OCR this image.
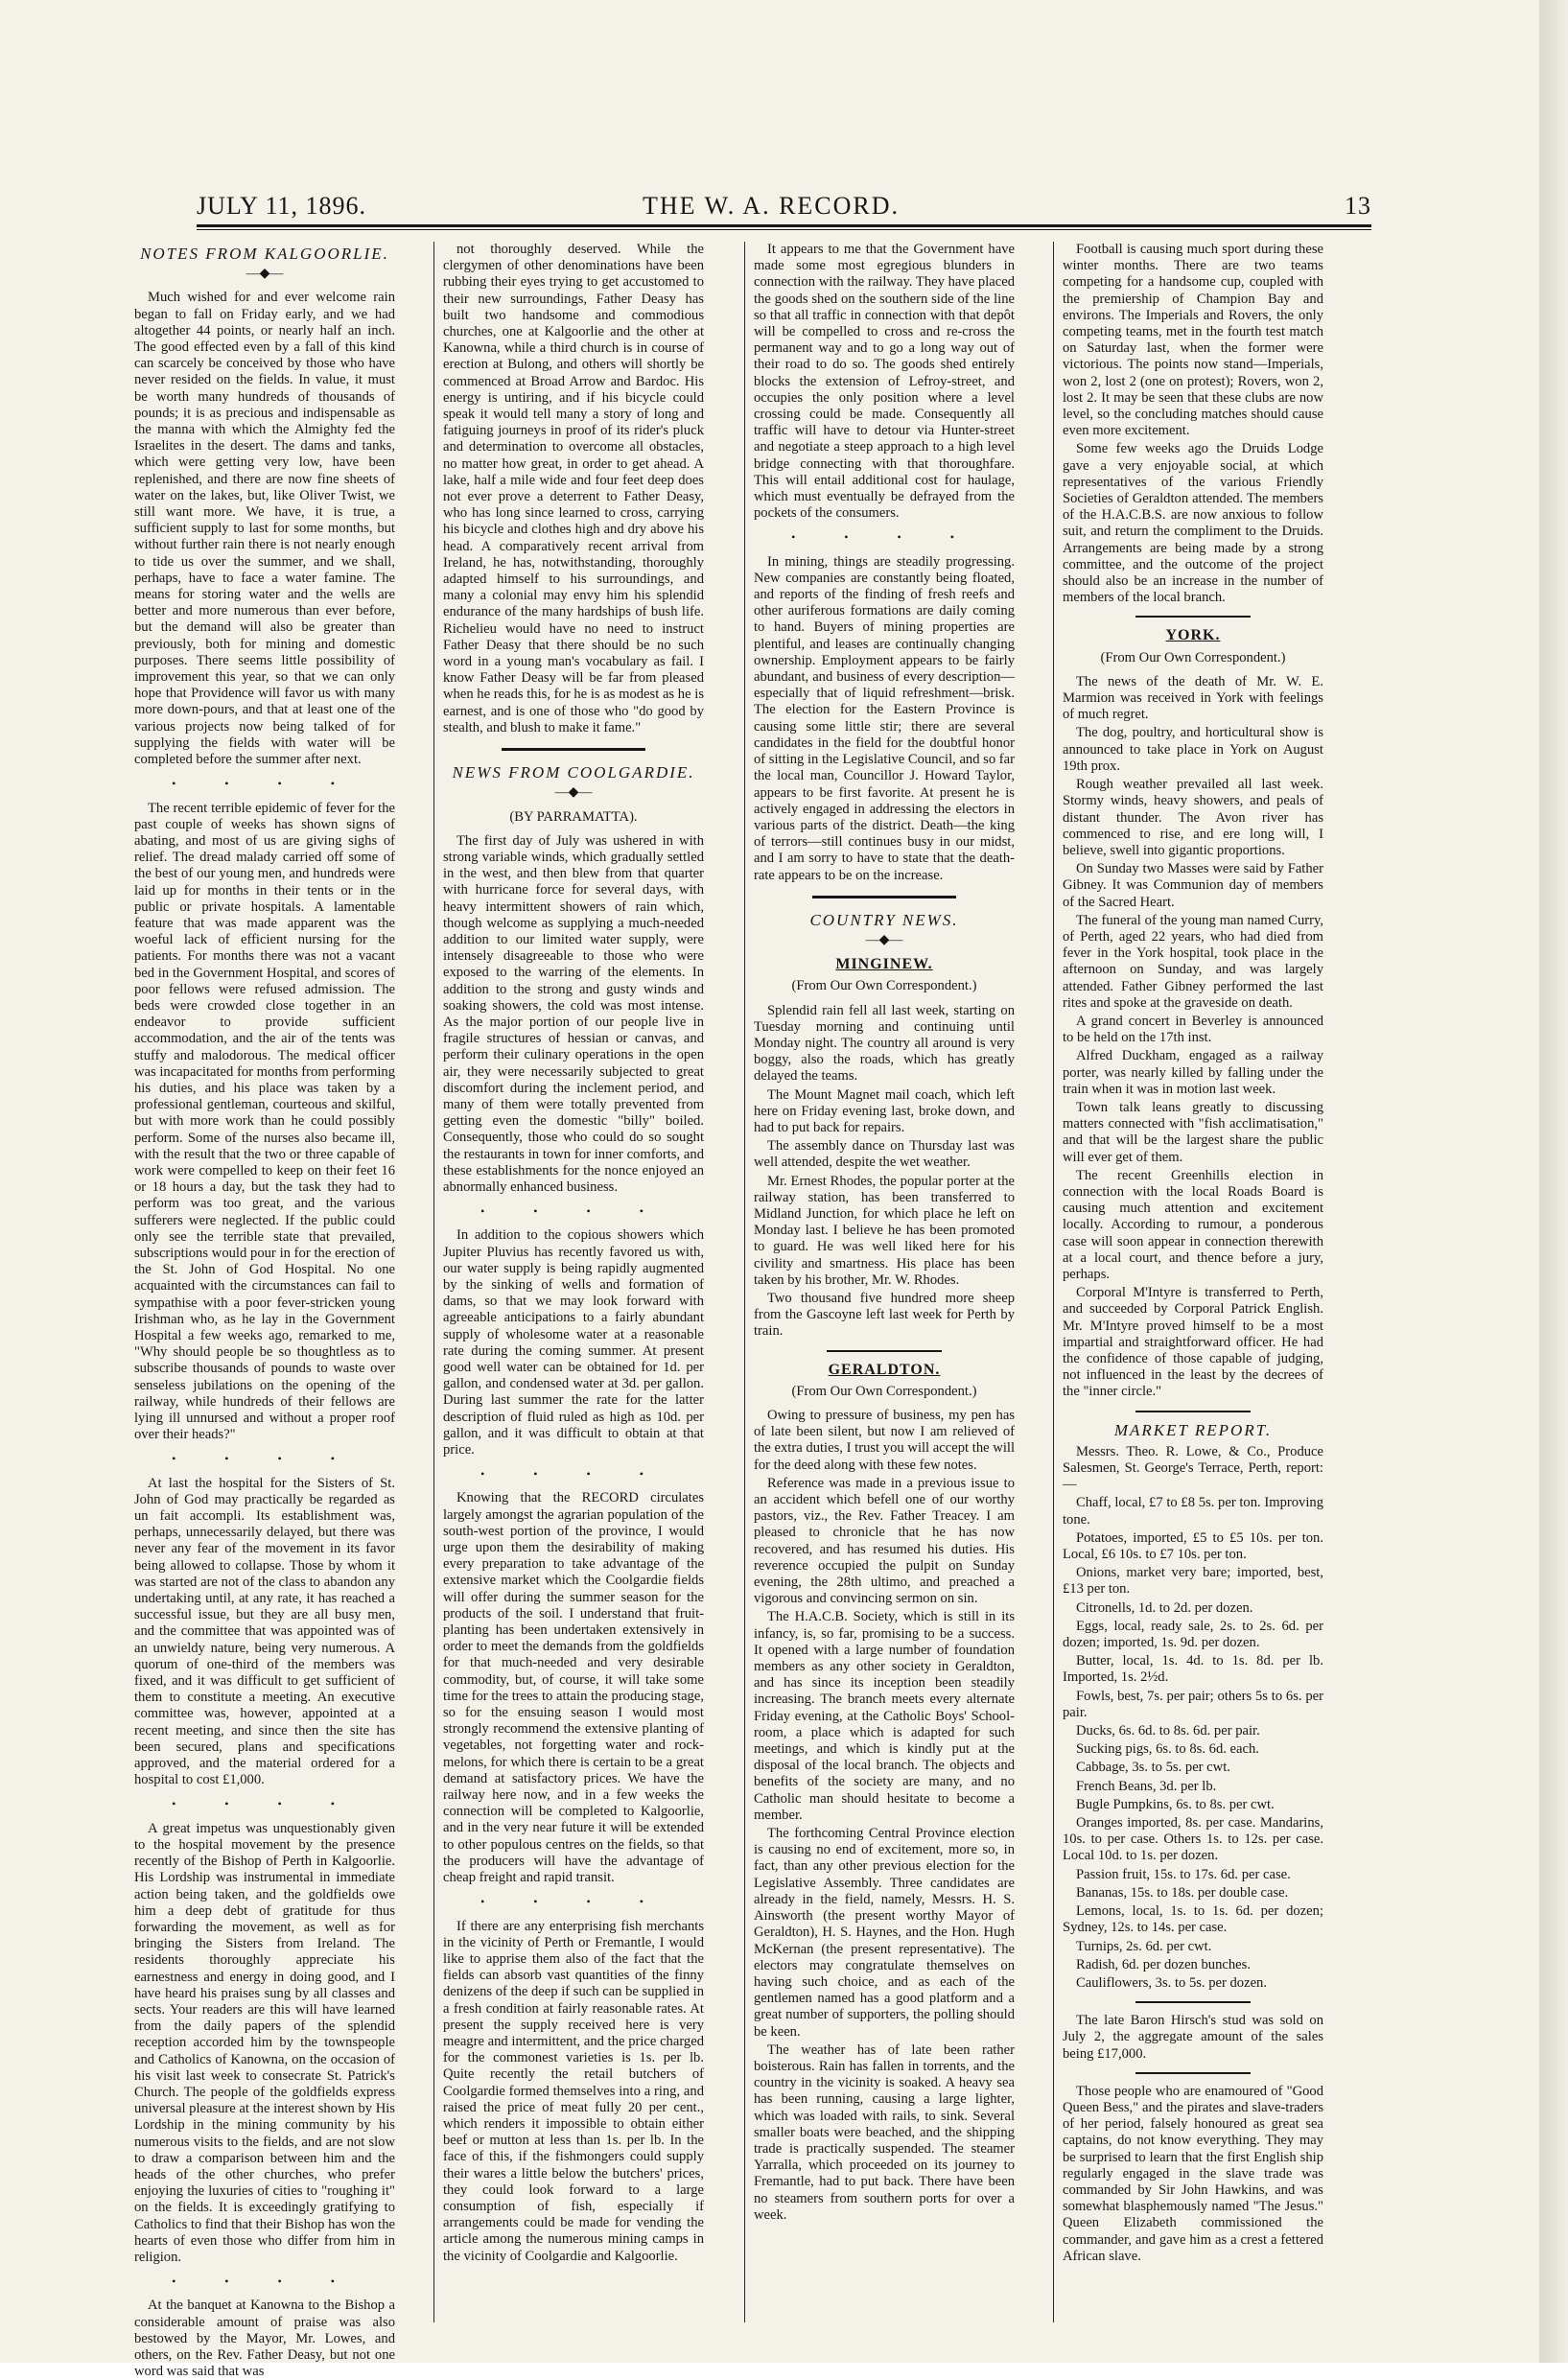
JULY 11, 1896.	THE W. A. RECORD.	13
NOTES FROM KALGOORLIE.
—◆—

Much wished for and ever welcome rain began to fall on Friday early, and we had altogether 44 points, or nearly half an inch. The good effected even by a fall of this kind can scarcely be conceived by those who have never resided on the fields. In value, it must be worth many hundreds of thousands of pounds; it is as precious and indispensable as the manna with which the Almighty fed the Israelites in the desert. The dams and tanks, which were getting very low, have been replenished, and there are now fine sheets of water on the lakes, but, like Oliver Twist, we still want more. We have, it is true, a sufficient supply to last for some months, but without further rain there is not nearly enough to tide us over the summer, and we shall, perhaps, have to face a water famine. The means for storing water and the wells are better and more numerous than ever before, but the demand will also be greater than previously, both for mining and domestic purposes. There seems little possibility of improvement this year, so that we can only hope that Providence will favor us with many more down-pours, and that at least one of the various projects now being talked of for supplying the fields with water will be completed before the summer after next.

• • • •

The recent terrible epidemic of fever for the past couple of weeks has shown signs of abating, and most of us are giving sighs of relief. The dread malady carried off some of the best of our young men, and hundreds were laid up for months in their tents or in the public or private hospitals. A lamentable feature that was made apparent was the woeful lack of efficient nursing for the patients. For months there was not a vacant bed in the Government Hospital, and scores of poor fellows were refused admission. The beds were crowded close together in an endeavor to provide sufficient accommodation, and the air of the tents was stuffy and malodorous. The medical officer was incapacitated for months from performing his duties, and his place was taken by a professional gentleman, courteous and skilful, but with more work than he could possibly perform. Some of the nurses also became ill, with the result that the two or three capable of work were compelled to keep on their feet 16 or 18 hours a day, but the task they had to perform was too great, and the various sufferers were neglected. If the public could only see the terrible state that prevailed, subscriptions would pour in for the erection of the St. John of God Hospital. No one acquainted with the circumstances can fail to sympathise with a poor fever-stricken young Irishman who, as he lay in the Government Hospital a few weeks ago, remarked to me, "Why should people be so thoughtless as to subscribe thousands of pounds to waste over senseless jubilations on the opening of the railway, while hundreds of their fellows are lying ill unnursed and without a proper roof over their heads?"

• • • •

At last the hospital for the Sisters of St. John of God may practically be regarded as un fait accompli. Its establishment was, perhaps, unnecessarily delayed, but there was never any fear of the movement in its favor being allowed to collapse. Those by whom it was started are not of the class to abandon any undertaking until, at any rate, it has reached a successful issue, but they are all busy men, and the committee that was appointed was of an unwieldy nature, being very numerous. A quorum of one-third of the members was fixed, and it was difficult to get sufficient of them to constitute a meeting. An executive committee was, however, appointed at a recent meeting, and since then the site has been secured, plans and specifications approved, and the material ordered for a hospital to cost £1,000.

• • • •

A great impetus was unquestionably given to the hospital movement by the presence recently of the Bishop of Perth in Kalgoorlie. His Lordship was instrumental in immediate action being taken, and the goldfields owe him a deep debt of gratitude for thus forwarding the movement, as well as for bringing the Sisters from Ireland. The residents thoroughly appreciate his earnestness and energy in doing good, and I have heard his praises sung by all classes and sects. Your readers are this will have learned from the daily papers of the splendid reception accorded him by the townspeople and Catholics of Kanowna, on the occasion of his visit last week to consecrate St. Patrick's Church. The people of the goldfields express universal pleasure at the interest shown by His Lordship in the mining community by his numerous visits to the fields, and are not slow to draw a comparison between him and the heads of the other churches, who prefer enjoying the luxuries of cities to "roughing it" on the fields. It is exceedingly gratifying to Catholics to find that their Bishop has won the hearts of even those who differ from him in religion.

• • • •

At the banquet at Kanowna to the Bishop a considerable amount of praise was also bestowed by the Mayor, Mr. Lowes, and others, on the Rev. Father Deasy, but not one word was said that was

not thoroughly deserved. While the clergymen of other denominations have been rubbing their eyes trying to get accustomed to their new surroundings, Father Deasy has built two handsome and commodious churches, one at Kalgoorlie and the other at Kanowna, while a third church is in course of erection at Bulong, and others will shortly be commenced at Broad Arrow and Bardoc. His energy is untiring, and if his bicycle could speak it would tell many a story of long and fatiguing journeys in proof of its rider's pluck and determination to overcome all obstacles, no matter how great, in order to get ahead. A lake, half a mile wide and four feet deep does not ever prove a deterrent to Father Deasy, who has long since learned to cross, carrying his bicycle and clothes high and dry above his head. A comparatively recent arrival from Ireland, he has, notwithstanding, thoroughly adapted himself to his surroundings, and many a colonial may envy him his splendid endurance of the many hardships of bush life. Richelieu would have no need to instruct Father Deasy that there should be no such word in a young man's vocabulary as fail. I know Father Deasy will be far from pleased when he reads this, for he is as modest as he is earnest, and is one of those who "do good by stealth, and blush to make it fame."

NEWS FROM COOLGARDIE.
—◆—

(BY PARRAMATTA).

The first day of July was ushered in with strong variable winds, which gradually settled in the west, and then blew from that quarter with hurricane force for several days, with heavy intermittent showers of rain which, though welcome as supplying a much-needed addition to our limited water supply, were intensely disagreeable to those who were exposed to the warring of the elements. In addition to the strong and gusty winds and soaking showers, the cold was most intense. As the major portion of our people live in fragile structures of hessian or canvas, and perform their culinary operations in the open air, they were necessarily subjected to great discomfort during the inclement period, and many of them were totally prevented from getting even the domestic "billy" boiled. Consequently, those who could do so sought the restaurants in town for inner comforts, and these establishments for the nonce enjoyed an abnormally enhanced business.

• • • •

In addition to the copious showers which Jupiter Pluvius has recently favored us with, our water supply is being rapidly augmented by the sinking of wells and formation of dams, so that we may look forward with agreeable anticipations to a fairly abundant supply of wholesome water at a reasonable rate during the coming summer. At present good well water can be obtained for 1d. per gallon, and condensed water at 3d. per gallon. During last summer the rate for the latter description of fluid ruled as high as 10d. per gallon, and it was difficult to obtain at that price.

• • • •

Knowing that the RECORD circulates largely amongst the agrarian population of the south-west portion of the province, I would urge upon them the desirability of making every preparation to take advantage of the extensive market which the Coolgardie fields will offer during the summer season for the products of the soil. I understand that fruit-planting has been undertaken extensively in order to meet the demands from the goldfields for that much-needed and very desirable commodity, but, of course, it will take some time for the trees to attain the producing stage, so for the ensuing season I would most strongly recommend the extensive planting of vegetables, not forgetting water and rock-melons, for which there is certain to be a great demand at satisfactory prices. We have the railway here now, and in a few weeks the connection will be completed to Kalgoorlie, and in the very near future it will be extended to other populous centres on the fields, so that the producers will have the advantage of cheap freight and rapid transit.

• • • •

If there are any enterprising fish merchants in the vicinity of Perth or Fremantle, I would like to apprise them also of the fact that the fields can absorb vast quantities of the finny denizens of the deep if such can be supplied in a fresh condition at fairly reasonable rates. At present the supply received here is very meagre and intermittent, and the price charged for the commonest varieties is 1s. per lb. Quite recently the retail butchers of Coolgardie formed themselves into a ring, and raised the price of meat fully 20 per cent., which renders it impossible to obtain either beef or mutton at less than 1s. per lb. In the face of this, if the fishmongers could supply their wares a little below the butchers' prices, they could look forward to a large consumption of fish, especially if arrangements could be made for vending the article among the numerous mining camps in the vicinity of Coolgardie and Kalgoorlie.

It appears to me that the Government have made some most egregious blunders in connection with the railway. They have placed the goods shed on the southern side of the line so that all traffic in connection with that depôt will be compelled to cross and re-cross the permanent way and to go a long way out of their road to do so. The goods shed entirely blocks the extension of Lefroy-street, and occupies the only position where a level crossing could be made. Consequently all traffic will have to detour via Hunter-street and negotiate a steep approach to a high level bridge connecting with that thoroughfare. This will entail additional cost for haulage, which must eventually be defrayed from the pockets of the consumers.

• • • •

In mining, things are steadily progressing. New companies are constantly being floated, and reports of the finding of fresh reefs and other auriferous formations are daily coming to hand. Buyers of mining properties are plentiful, and leases are continually changing ownership. Employment appears to be fairly abundant, and business of every description—especially that of liquid refreshment—brisk. The election for the Eastern Province is causing some little stir; there are several candidates in the field for the doubtful honor of sitting in the Legislative Council, and so far the local man, Councillor J. Howard Taylor, appears to be first favorite. At present he is actively engaged in addressing the electors in various parts of the district. Death—the king of terrors—still continues busy in our midst, and I am sorry to have to state that the death-rate appears to be on the increase.

COUNTRY NEWS.
—◆—
MINGINEW.

(From Our Own Correspondent.)

Splendid rain fell all last week, starting on Tuesday morning and continuing until Monday night. The country all around is very boggy, also the roads, which has greatly delayed the teams.

The Mount Magnet mail coach, which left here on Friday evening last, broke down, and had to put back for repairs.

The assembly dance on Thursday last was well attended, despite the wet weather.

Mr. Ernest Rhodes, the popular porter at the railway station, has been transferred to Midland Junction, for which place he left on Monday last. I believe he has been promoted to guard. He was well liked here for his civility and smartness. His place has been taken by his brother, Mr. W. Rhodes.

Two thousand five hundred more sheep from the Gascoyne left last week for Perth by train.

GERALDTON.

(From Our Own Correspondent.)

Owing to pressure of business, my pen has of late been silent, but now I am relieved of the extra duties, I trust you will accept the will for the deed along with these few notes.

Reference was made in a previous issue to an accident which befell one of our worthy pastors, viz., the Rev. Father Treacey. I am pleased to chronicle that he has now recovered, and has resumed his duties. His reverence occupied the pulpit on Sunday evening, the 28th ultimo, and preached a vigorous and convincing sermon on sin.

The H.A.C.B. Society, which is still in its infancy, is, so far, promising to be a success. It opened with a large number of foundation members as any other society in Geraldton, and has since its inception been steadily increasing. The branch meets every alternate Friday evening, at the Catholic Boys' School-room, a place which is adapted for such meetings, and which is kindly put at the disposal of the local branch. The objects and benefits of the society are many, and no Catholic man should hesitate to become a member.

The forthcoming Central Province election is causing no end of excitement, more so, in fact, than any other previous election for the Legislative Assembly. Three candidates are already in the field, namely, Messrs. H. S. Ainsworth (the present worthy Mayor of Geraldton), H. S. Haynes, and the Hon. Hugh McKernan (the present representative). The electors may congratulate themselves on having such choice, and as each of the gentlemen named has a good platform and a great number of supporters, the polling should be keen.

The weather has of late been rather boisterous. Rain has fallen in torrents, and the country in the vicinity is soaked. A heavy sea has been running, causing a large lighter, which was loaded with rails, to sink. Several smaller boats were beached, and the shipping trade is practically suspended. The steamer Yarralla, which proceeded on its journey to Fremantle, had to put back. There have been no steamers from southern ports for over a week.

Football is causing much sport during these winter months. There are two teams competing for a handsome cup, coupled with the premiership of Champion Bay and environs. The Imperials and Rovers, the only competing teams, met in the fourth test match on Saturday last, when the former were victorious. The points now stand—Imperials, won 2, lost 2 (one on protest); Rovers, won 2, lost 2. It may be seen that these clubs are now level, so the concluding matches should cause even more excitement.

Some few weeks ago the Druids Lodge gave a very enjoyable social, at which representatives of the various Friendly Societies of Geraldton attended. The members of the H.A.C.B.S. are now anxious to follow suit, and return the compliment to the Druids. Arrangements are being made by a strong committee, and the outcome of the project should also be an increase in the number of members of the local branch.

YORK.

(From Our Own Correspondent.)

The news of the death of Mr. W. E. Marmion was received in York with feelings of much regret.

The dog, poultry, and horticultural show is announced to take place in York on August 19th prox.

Rough weather prevailed all last week. Stormy winds, heavy showers, and peals of distant thunder. The Avon river has commenced to rise, and ere long will, I believe, swell into gigantic proportions.

On Sunday two Masses were said by Father Gibney. It was Communion day of members of the Sacred Heart.

The funeral of the young man named Curry, of Perth, aged 22 years, who had died from fever in the York hospital, took place in the afternoon on Sunday, and was largely attended. Father Gibney performed the last rites and spoke at the graveside on death.

A grand concert in Beverley is announced to be held on the 17th inst.

Alfred Duckham, engaged as a railway porter, was nearly killed by falling under the train when it was in motion last week.

Town talk leans greatly to discussing matters connected with "fish acclimatisation," and that will be the largest share the public will ever get of them.

The recent Greenhills election in connection with the local Roads Board is causing much attention and excitement locally. According to rumour, a ponderous case will soon appear in connection therewith at a local court, and thence before a jury, perhaps.

Corporal M'Intyre is transferred to Perth, and succeeded by Corporal Patrick English. Mr. M'Intyre proved himself to be a most impartial and straightforward officer. He had the confidence of those capable of judging, not influenced in the least by the decrees of the "inner circle."

MARKET REPORT.

Messrs. Theo. R. Lowe, & Co., Produce Salesmen, St. George's Terrace, Perth, report:—

Chaff, local, £7 to £8 5s. per ton. Improving tone.

Potatoes, imported, £5 to £5 10s. per ton. Local, £6 10s. to £7 10s. per ton.

Onions, market very bare; imported, best, £13 per ton.

Citronells, 1d. to 2d. per dozen.

Eggs, local, ready sale, 2s. to 2s. 6d. per dozen; imported, 1s. 9d. per dozen.

Butter, local, 1s. 4d. to 1s. 8d. per lb. Imported, 1s. 2½d.

Fowls, best, 7s. per pair; others 5s to 6s. per pair.

Ducks, 6s. 6d. to 8s. 6d. per pair.

Sucking pigs, 6s. to 8s. 6d. each.

Cabbage, 3s. to 5s. per cwt.

French Beans, 3d. per lb.

Bugle Pumpkins, 6s. to 8s. per cwt.

Oranges imported, 8s. per case. Mandarins, 10s. to per case. Others 1s. to 12s. per case. Local 10d. to 1s. per dozen.

Passion fruit, 15s. to 17s. 6d. per case.

Bananas, 15s. to 18s. per double case.

Lemons, local, 1s. to 1s. 6d. per dozen; Sydney, 12s. to 14s. per case.

Turnips, 2s. 6d. per cwt.

Radish, 6d. per dozen bunches.

Cauliflowers, 3s. to 5s. per dozen.

The late Baron Hirsch's stud was sold on July 2, the aggregate amount of the sales being £17,000.

Those people who are enamoured of "Good Queen Bess," and the pirates and slave-traders of her period, falsely honoured as great sea captains, do not know everything. They may be surprised to learn that the first English ship regularly engaged in the slave trade was commanded by Sir John Hawkins, and was somewhat blasphemously named "The Jesus." Queen Elizabeth commissioned the commander, and gave him as a crest a fettered African slave.
